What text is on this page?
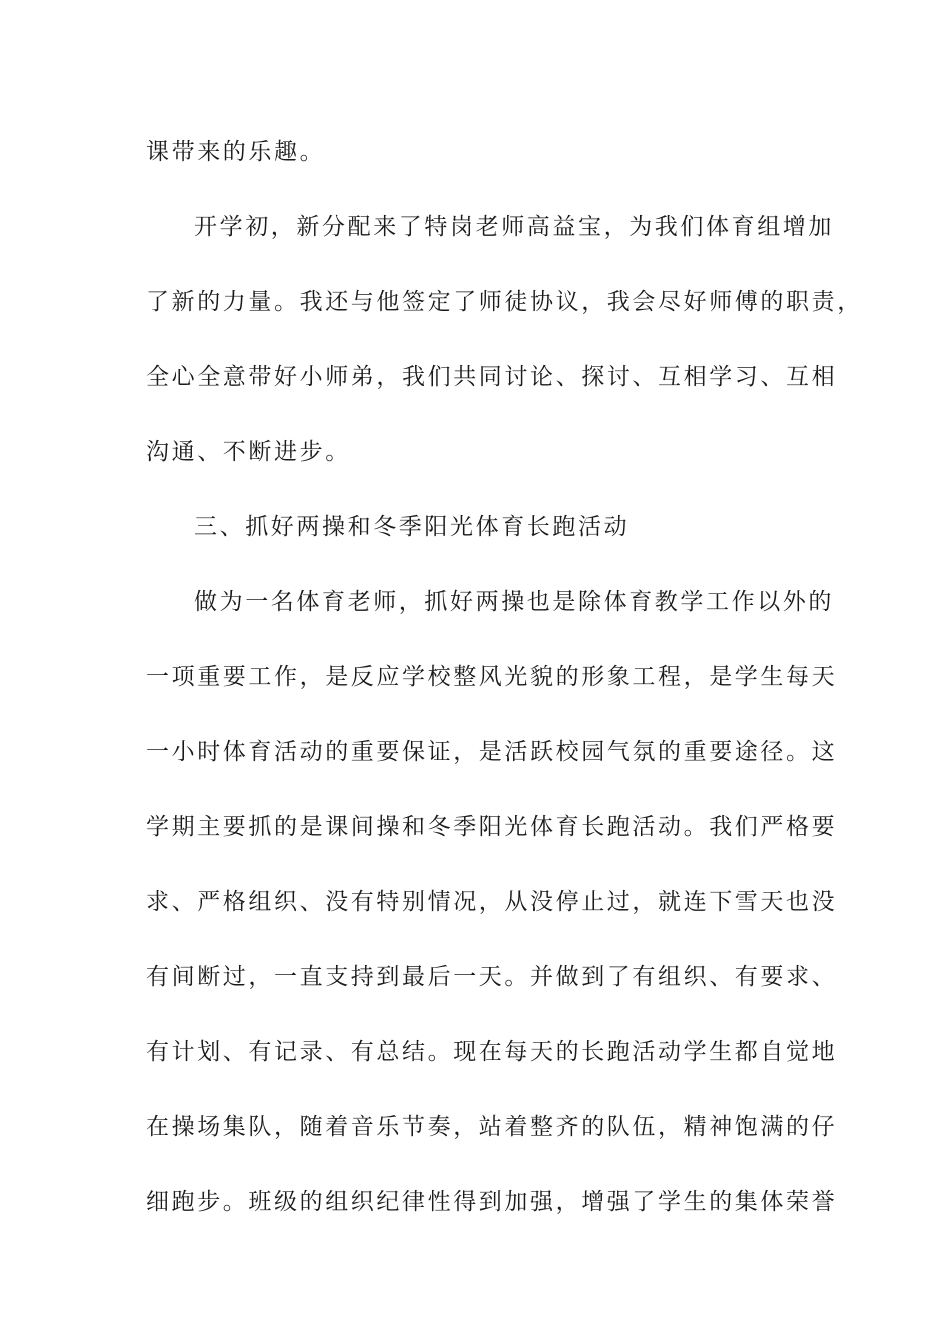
课带来的乐趣。
开学初，新分配来了特岗老师高益宝，为我们体育组增加
了新的力量。我还与他签定了师徒协议，我会尽好师傅的职责，
全心全意带好小师弟，我们共同讨论、探讨、互相学习、互相
沟通、不断进步。
三、抓好两操和冬季阳光体育长跑活动
做为一名体育老师，抓好两操也是除体育教学工作以外的
一项重要工作，是反应学校整风光貌的形象工程，是学生每天
一小时体育活动的重要保证，是活跃校园气氛的重要途径。这
学期主要抓的是课间操和冬季阳光体育长跑活动。我们严格要
求、严格组织、没有特别情况，从没停止过，就连下雪天也没
有间断过，一直支持到最后一天。并做到了有组织、有要求、
有计划、有记录、有总结。现在每天的长跑活动学生都自觉地
在操场集队，随着音乐节奏，站着整齐的队伍，精神饱满的仔
细跑步。班级的组织纪律性得到加强，增强了学生的集体荣誉
